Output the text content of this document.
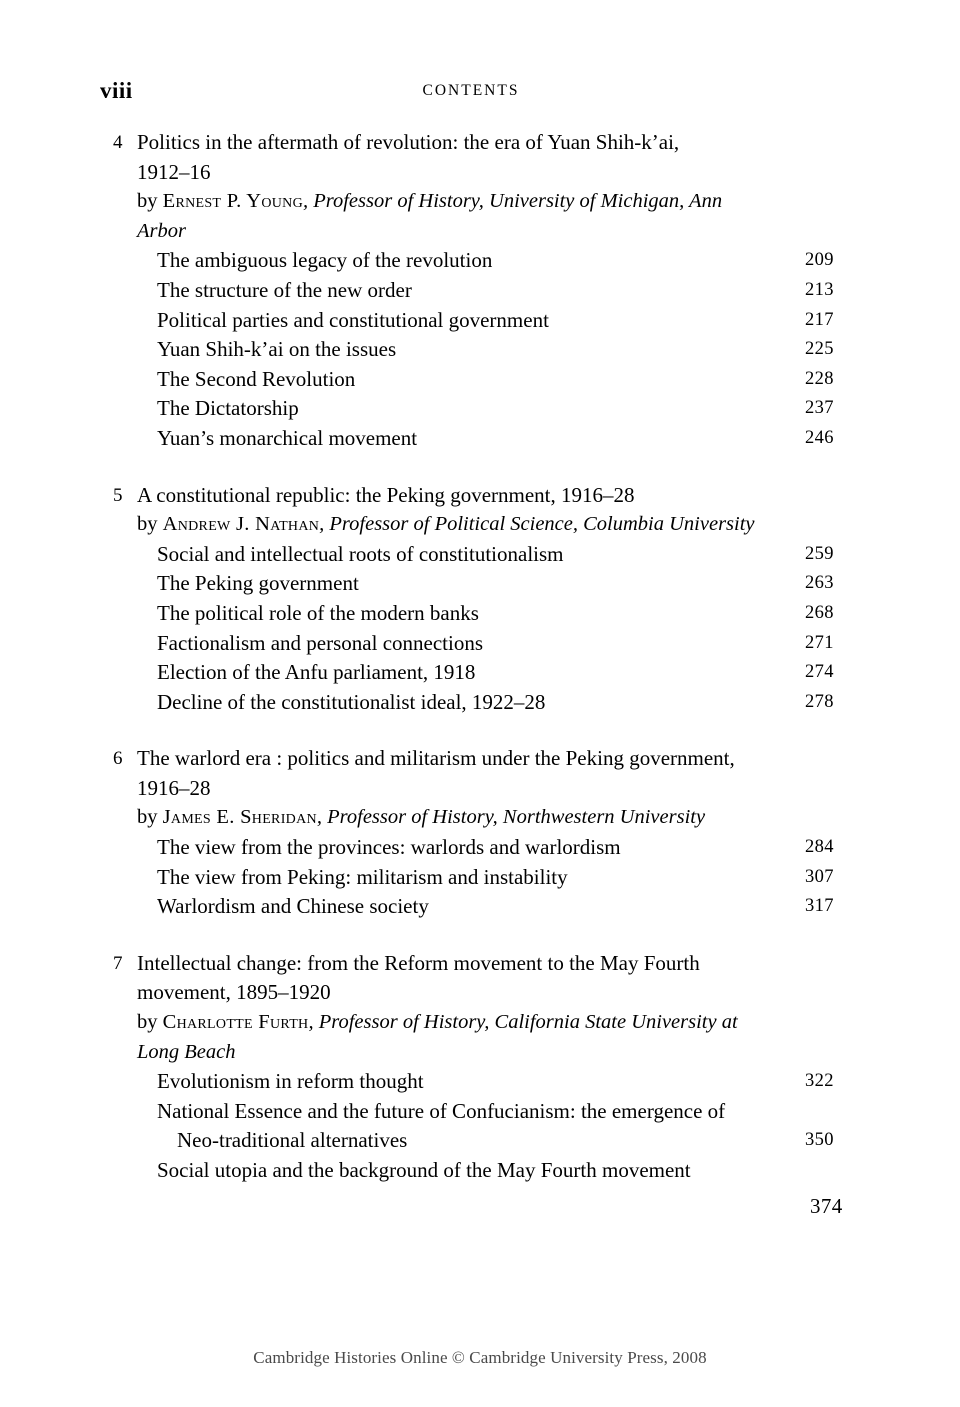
viii	CONTENTS
4 Politics in the aftermath of revolution: the era of Yuan Shih-k’ai,
1912–16
by Ernest P. Young, Professor of History, University of Michigan, Ann
Arbor
The ambiguous legacy of the revolution	209
The structure of the new order	213
Political parties and constitutional government	217
Yuan Shih-k’ai on the issues	225
The Second Revolution	228
The Dictatorship	237
Yuan’s monarchical movement	246
5 A constitutional republic: the Peking government, 1916–28
by Andrew J. Nathan, Professor of Political Science, Columbia University
Social and intellectual roots of constitutionalism	259
The Peking government	263
The political role of the modern banks	268
Factionalism and personal connections	271
Election of the Anfu parliament, 1918	274
Decline of the constitutionalist ideal, 1922–28	278
6 The warlord era : politics and militarism under the Peking government,
1916–28
by James E. Sheridan, Professor of History, Northwestern University
The view from the provinces: warlords and warlordism	284
The view from Peking: militarism and instability	307
Warlordism and Chinese society	317
7 Intellectual change: from the Reform movement to the May Fourth
movement, 1895–1920
by Charlotte Furth, Professor of History, California State University at
Long Beach
Evolutionism in reform thought	322
National Essence and the future of Confucianism: the emergence of
Neo-traditional alternatives	350
Social utopia and the background of the May Fourth movement
374
Cambridge Histories Online © Cambridge University Press, 2008
